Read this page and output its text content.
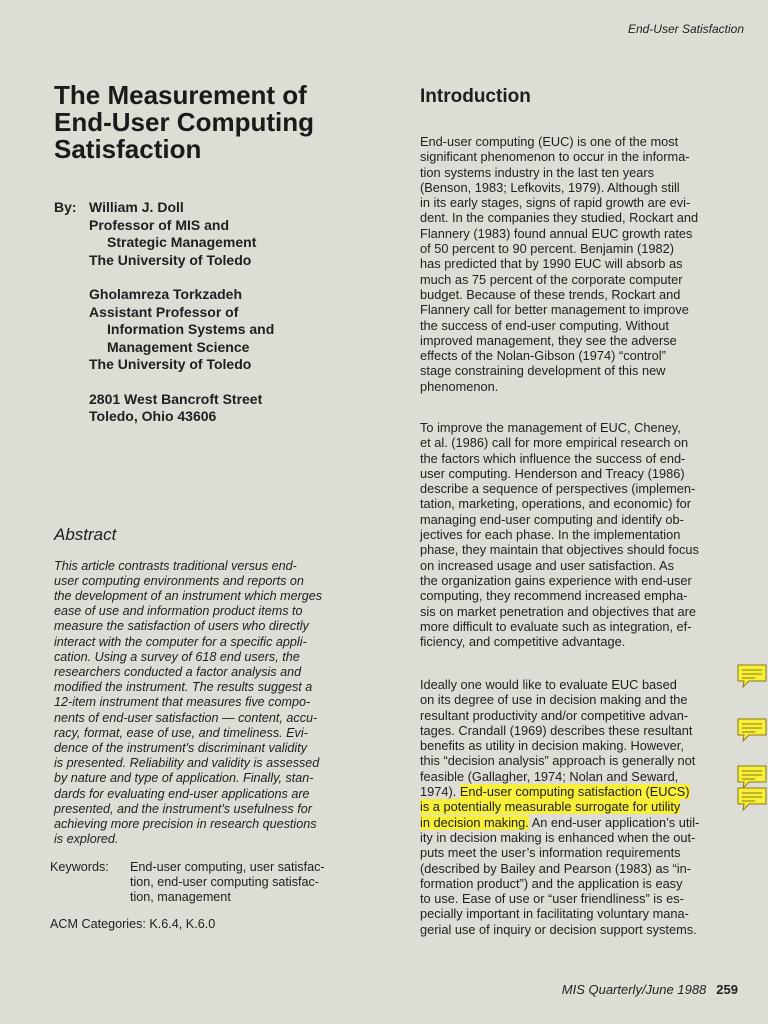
End-User Satisfaction
The Measurement of
End-User Computing
Satisfaction
By: William J. Doll
Professor of MIS and
Strategic Management
The University of Toledo
Gholamreza Torkzadeh
Assistant Professor of
Information Systems and
Management Science
The University of Toledo
2801 West Bancroft Street
Toledo, Ohio 43606
Abstract
This article contrasts traditional versus end-
user computing environments and reports on
the development of an instrument which merges
ease of use and information product items to
measure the satisfaction of users who directly
interact with the computer for a specific appli-
cation. Using a survey of 618 end users, the
researchers conducted a factor analysis and
modified the instrument. The results suggest a
12-item instrument that measures five compo-
nents of end-user satisfaction — content, accu-
racy, format, ease of use, and timeliness. Evi-
dence of the instrument's discriminant validity
is presented. Reliability and validity is assessed
by nature and type of application. Finally, stan-
dards for evaluating end-user applications are
presented, and the instrument's usefulness for
achieving more precision in research questions
is explored.
Keywords:	End-user computing, user satisfac-
tion, end-user computing satisfac-
tion, management
ACM Categories: K.6.4, K.6.0
Introduction
End-user computing (EUC) is one of the most
significant phenomenon to occur in the informa-
tion systems industry in the last ten years
(Benson, 1983; Lefkovits, 1979). Although still
in its early stages, signs of rapid growth are evi-
dent. In the companies they studied, Rockart and
Flannery (1983) found annual EUC growth rates
of 50 percent to 90 percent. Benjamin (1982)
has predicted that by 1990 EUC will absorb as
much as 75 percent of the corporate computer
budget. Because of these trends, Rockart and
Flannery call for better management to improve
the success of end-user computing. Without
improved management, they see the adverse
effects of the Nolan-Gibson (1974) “control”
stage constraining development of this new
phenomenon.
To improve the management of EUC, Cheney,
et al. (1986) call for more empirical research on
the factors which influence the success of end-
user computing. Henderson and Treacy (1986)
describe a sequence of perspectives (implemen-
tation, marketing, operations, and economic) for
managing end-user computing and identify ob-
jectives for each phase. In the implementation
phase, they maintain that objectives should focus
on increased usage and user satisfaction. As
the organization gains experience with end-user
computing, they recommend increased empha-
sis on market penetration and objectives that are
more difficult to evaluate such as integration, ef-
ficiency, and competitive advantage.
Ideally one would like to evaluate EUC based
on its degree of use in decision making and the
resultant productivity and/or competitive advan-
tages. Crandall (1969) describes these resultant
benefits as utility in decision making. However,
this “decision analysis” approach is generally not
feasible (Gallagher, 1974; Nolan and Seward,
1974). End-user computing satisfaction (EUCS)
is a potentially measurable surrogate for utility
in decision making. An end-user application’s util-
ity in decision making is enhanced when the out-
puts meet the user’s information requirements
(described by Bailey and Pearson (1983) as “in-
formation product”) and the application is easy
to use. Ease of use or “user friendliness” is es-
pecially important in facilitating voluntary mana-
gerial use of inquiry or decision support systems.
MIS Quarterly/June 1988 259
